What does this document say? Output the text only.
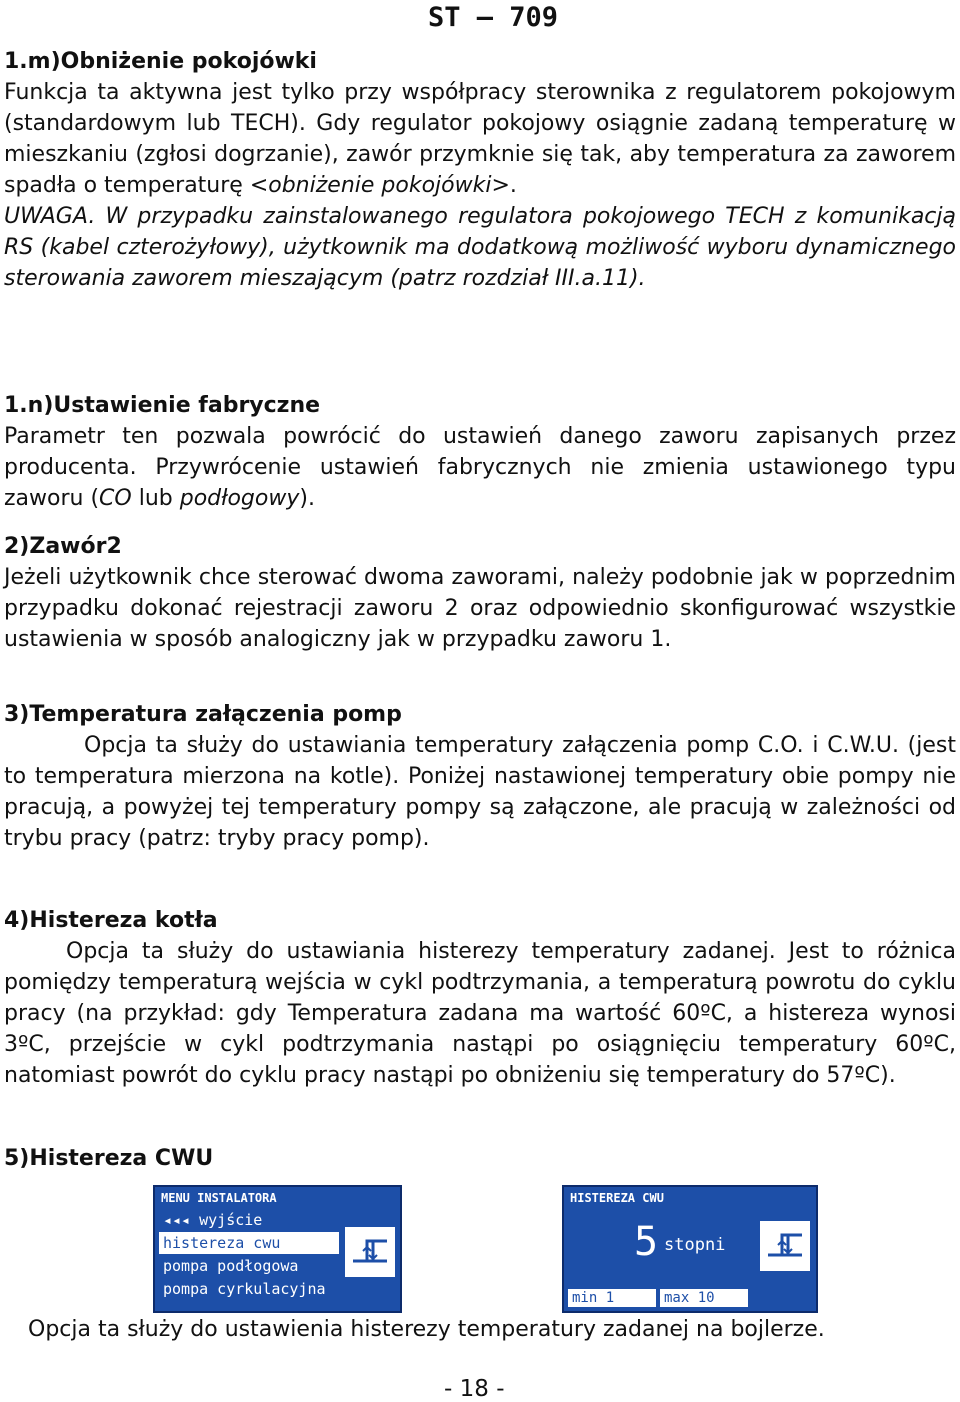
ST – 709
1.m)Obniżenie pokojówki

Funkcja ta aktywna jest tylko przy współpracy sterownika z regulatorem pokojowym (standardowym lub TECH). Gdy regulator pokojowy osiągnie zadaną temperaturę w mieszkaniu (zgłosi dogrzanie), zawór przymknie się tak, aby temperatura za zaworem spadła o temperaturę <obniżenie pokojówki>.

UWAGA. W przypadku zainstalowanego regulatora pokojowego TECH z komunikacją RS (kabel czterożyłowy), użytkownik ma dodatkową możliwość wyboru dynamicznego sterowania zaworem mieszającym (patrz rozdział III.a.11).

1.n)Ustawienie fabryczne

Parametr ten pozwala powrócić do ustawień danego zaworu zapisanych przez producenta. Przywrócenie ustawień fabrycznych nie zmienia ustawionego typu zaworu (CO lub podłogowy).

2)Zawór2

Jeżeli użytkownik chce sterować dwoma zaworami, należy podobnie jak w poprzednim przypadku dokonać rejestracji zaworu 2 oraz odpowiednio skonfigurować wszystkie ustawienia w sposób analogiczny jak w przypadku zaworu 1.

3)Temperatura załączenia pomp

Opcja ta służy do ustawiania temperatury załączenia pomp C.O. i C.W.U. (jest to temperatura mierzona na kotle). Poniżej nastawionej temperatury obie pompy nie pracują, a powyżej tej temperatury pompy są załączone, ale pracują w zależności od trybu pracy (patrz: tryby pracy pomp).

4)Histereza kotła

Opcja ta służy do ustawiania histerezy temperatury zadanej. Jest to różnica pomiędzy temperaturą wejścia w cykl podtrzymania, a temperaturą powrotu do cyklu pracy (na przykład: gdy Temperatura zadana ma wartość 60ºC, a histereza wynosi 3ºC, przejście w cykl podtrzymania nastąpi po osiągnięciu temperatury 60ºC, natomiast powrót do cyklu pracy nastąpi po obniżeniu się temperatury do 57ºC).

5)Histereza CWU
MENU INSTALATORA
◂◂◂ wyjście
histereza cwu
pompa podłogowa
pompa cyrkulacyjna
HISTEREZA CWU
5 stopni
min 1	max 10
Opcja ta służy do ustawienia histerezy temperatury zadanej na bojlerze.
- 18 -
